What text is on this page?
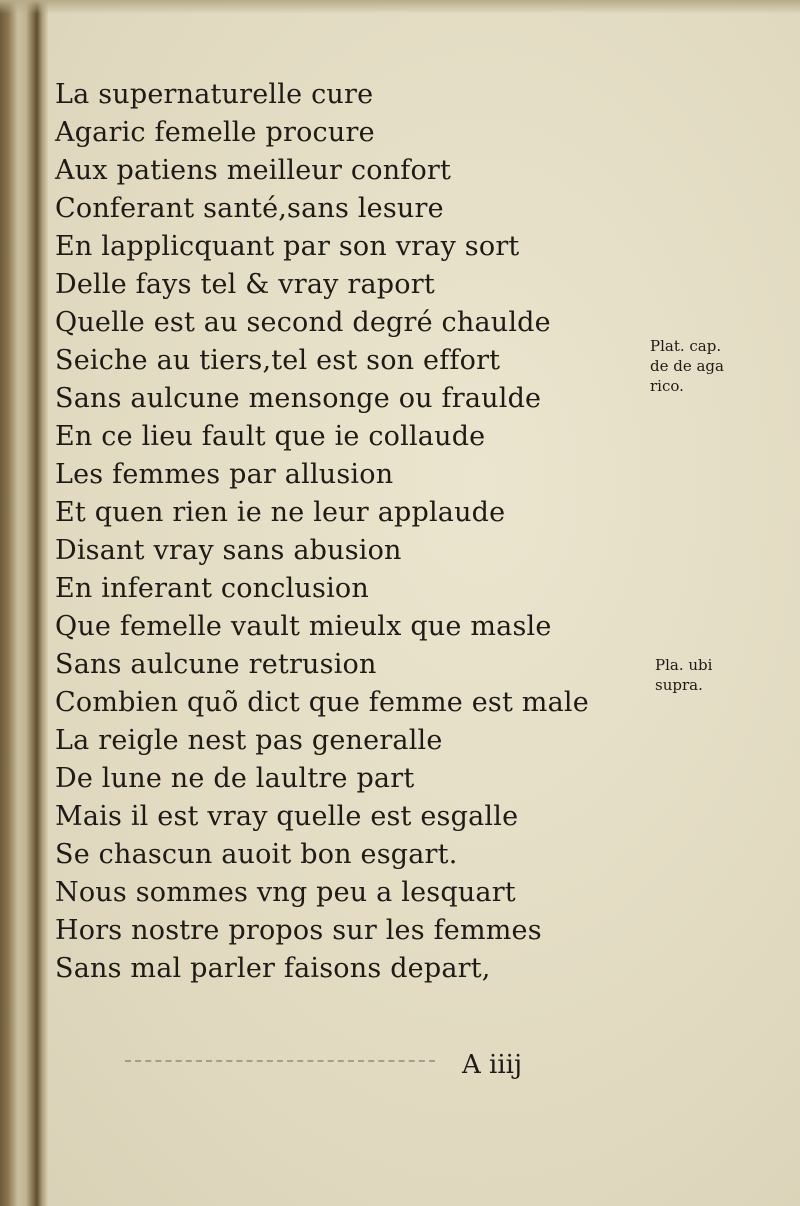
La supernaturelle cure
Agaric femelle procure
Aux patiens meilleur confort
Conferant santé,sans lesure
En lapplicquant par son vray sort
Delle fays tel & vray raport
Quelle est au second degré chaulde
Seiche au tiers,tel est son effort
Sans aulcune mensonge ou fraulde
En ce lieu fault que ie collaude
Les femmes par allusion
Et quen rien ie ne leur applaude
Disant vray sans abusion
En inferant conclusion
Que femelle vault mieulx que masle
Sans aulcune retrusion
Combien quõ dict que femme est male
La reigle nest pas generalle
De lune ne de laultre part
Mais il est vray quelle est esgalle
Se chascun auoit bon esgart.
Nous sommes vng peu a lesquart
Hors nostre propos sur les femmes
Sans mal parler faisons depart,
Plat. cap.
de de aga
rico.
Pla. ubi
supra.
A iiij
